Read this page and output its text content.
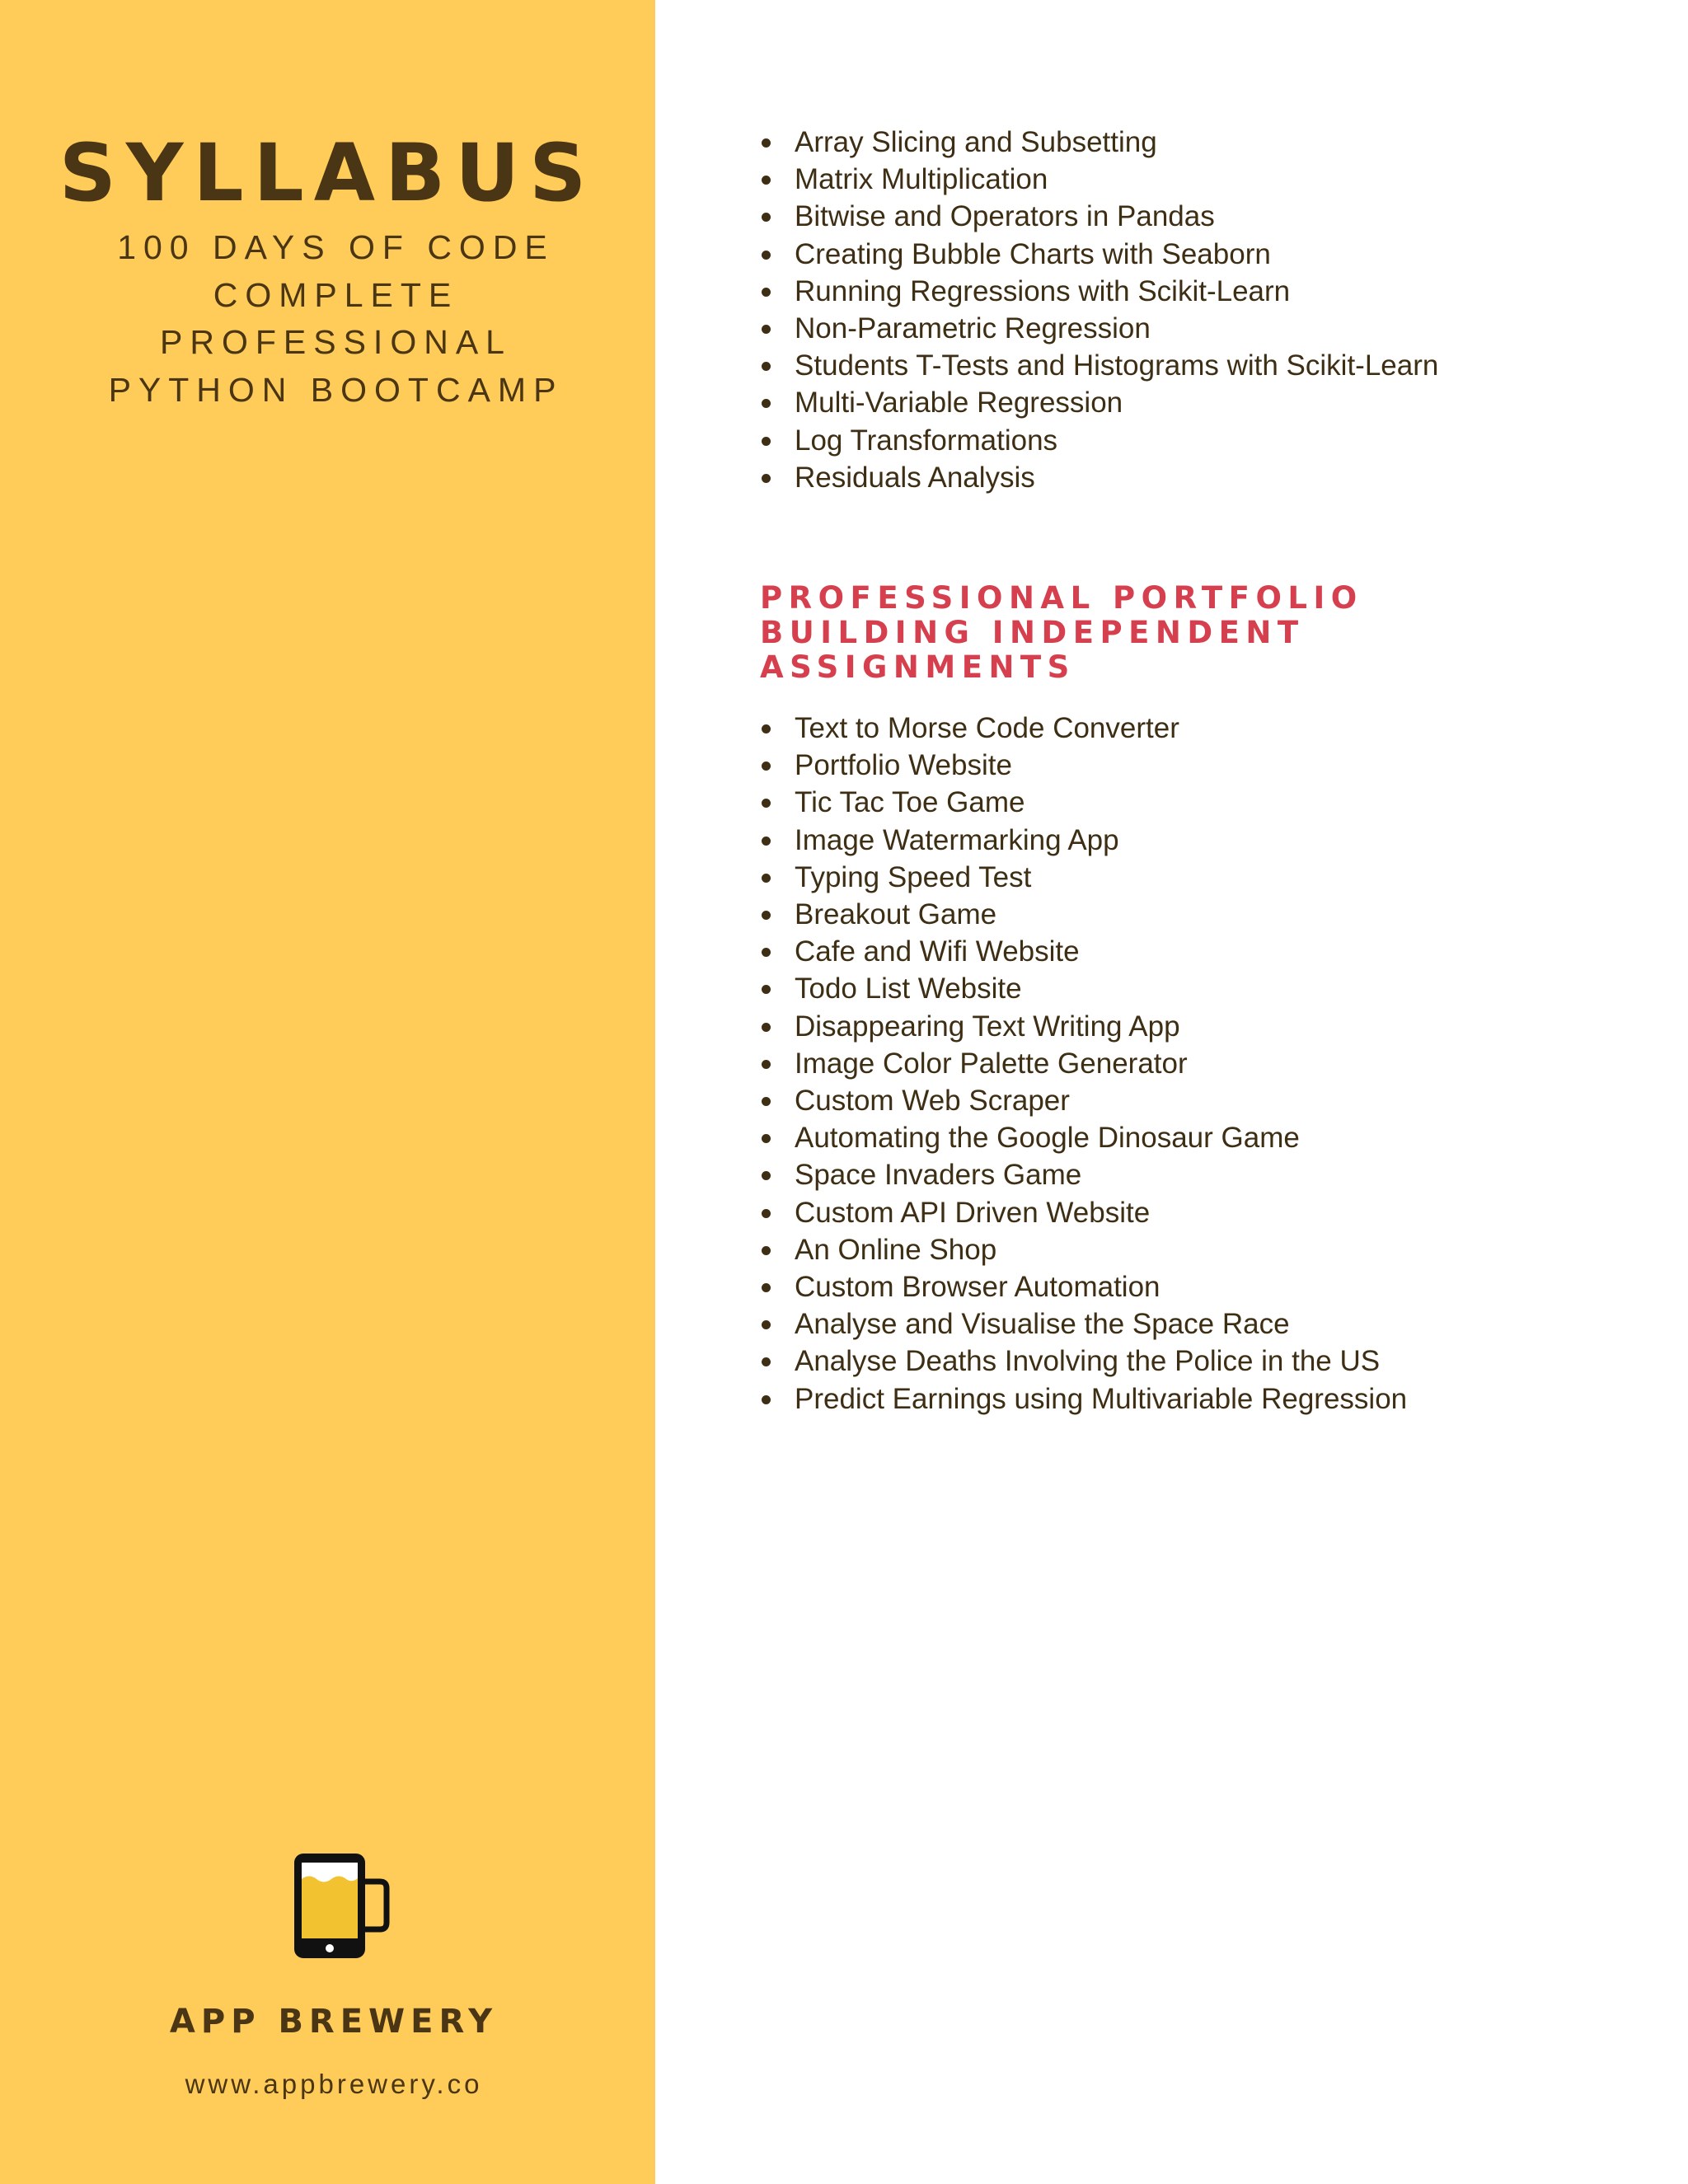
SYLLABUS
100 DAYS OF CODE
COMPLETE
PROFESSIONAL
PYTHON BOOTCAMP
APP BREWERY
www.appbrewery.co
Array Slicing and Subsetting
Matrix Multiplication
Bitwise and Operators in Pandas
Creating Bubble Charts with Seaborn
Running Regressions with Scikit-Learn
Non-Parametric Regression
Students T-Tests and Histograms with Scikit-Learn
Multi-Variable Regression
Log Transformations
Residuals Analysis
PROFESSIONAL PORTFOLIO
BUILDING INDEPENDENT
ASSIGNMENTS
Text to Morse Code Converter
Portfolio Website
Tic Tac Toe Game
Image Watermarking App
Typing Speed Test
Breakout Game
Cafe and Wifi Website
Todo List Website
Disappearing Text Writing App
Image Color Palette Generator
Custom Web Scraper
Automating the Google Dinosaur Game
Space Invaders Game
Custom API Driven Website
An Online Shop
Custom Browser Automation
Analyse and Visualise the Space Race
Analyse Deaths Involving the Police in the US
Predict Earnings using Multivariable Regression
